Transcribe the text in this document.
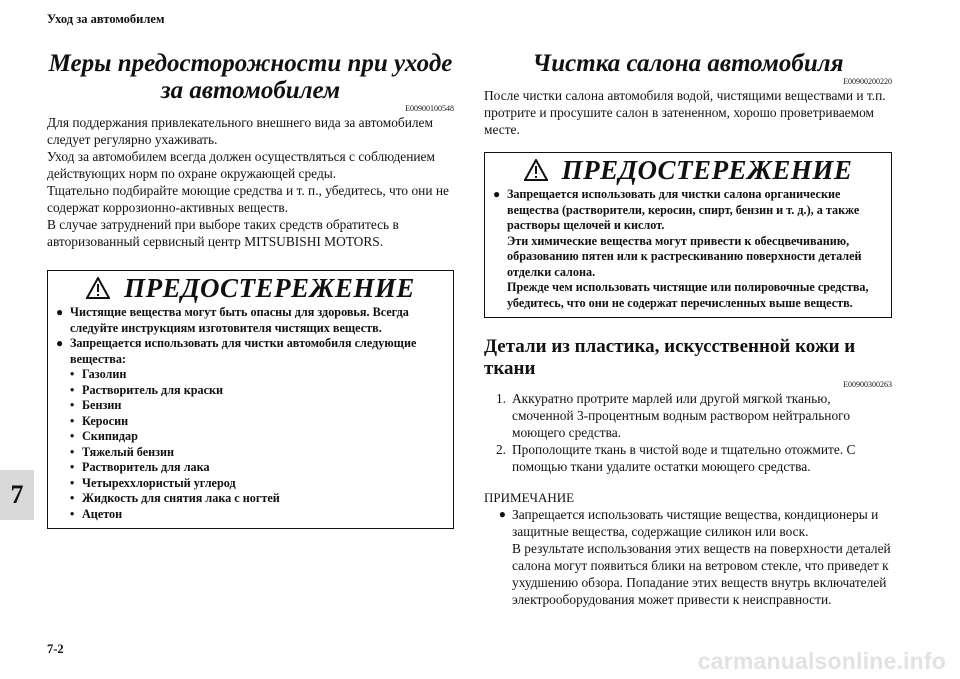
Уход за автомобилем
7
7-2	carmanualsonline.info

Меры предосторожности при уходе

за автомобилем

E00900100548

Для поддержания привлекательного внешнего вида за автомобилем следует регулярно ухаживать.

Уход за автомобилем всегда должен осуществляться с соблюдением действующих норм по охране окружающей среды.

Тщательно подбирайте моющие средства и т. п., убедитесь, что они не содержат коррозионно-активных веществ.

В случае затруднений при выборе таких средств обратитесь в авторизованный сервисный центр MITSUBISHI MOTORS.

ПРЕДОСТЕРЕЖЕНИЕ
● Чистящие вещества могут быть опасны для здоровья. Всегда следуйте инструкциям изготовителя чистящих веществ.
● Запрещается использовать для чистки автомобиля следующие вещества:
• Газолин
• Растворитель для краски
• Бензин
• Керосин
• Скипидар
• Тяжелый бензин
• Растворитель для лака
• Четыреххлористый углерод
• Жидкость для снятия лака с ногтей
• Ацетон

Чистка салона автомобиля

E00900200220

После чистки салона автомобиля водой, чистящими веществами и т.п. протрите и просушите салон в затененном, хорошо проветриваемом месте.

ПРЕДОСТЕРЕЖЕНИЕ
● Запрещается использовать для чистки салона органические вещества (растворители, керосин, спирт, бензин и т. д.), а также растворы щелочей и кислот.
Эти химические вещества могут привести к обесцвечиванию, образованию пятен или к растрескиванию поверхности деталей отделки салона.
Прежде чем использовать чистящие или полировочные средства, убедитесь, что они не содержат перечисленных выше веществ.

Детали из пластика, искусственной кожи и ткани

E00900300263
1. Аккуратно протрите марлей или другой мягкой тканью, смоченной 3-процентным водным раствором нейтрального моющего средства.
2. Прополощите ткань в чистой воде и тщательно отожмите. С помощью ткани удалите остатки моющего средства.
ПРИМЕЧАНИЕ
● Запрещается использовать чистящие вещества, кондиционеры и защитные вещества, содержащие силикон или воск.
В результате использования этих веществ на поверхности деталей салона могут появиться блики на ветровом стекле, что приведет к ухудшению обзора. Попадание этих веществ внутрь включателей электрооборудования может привести к неисправности.
